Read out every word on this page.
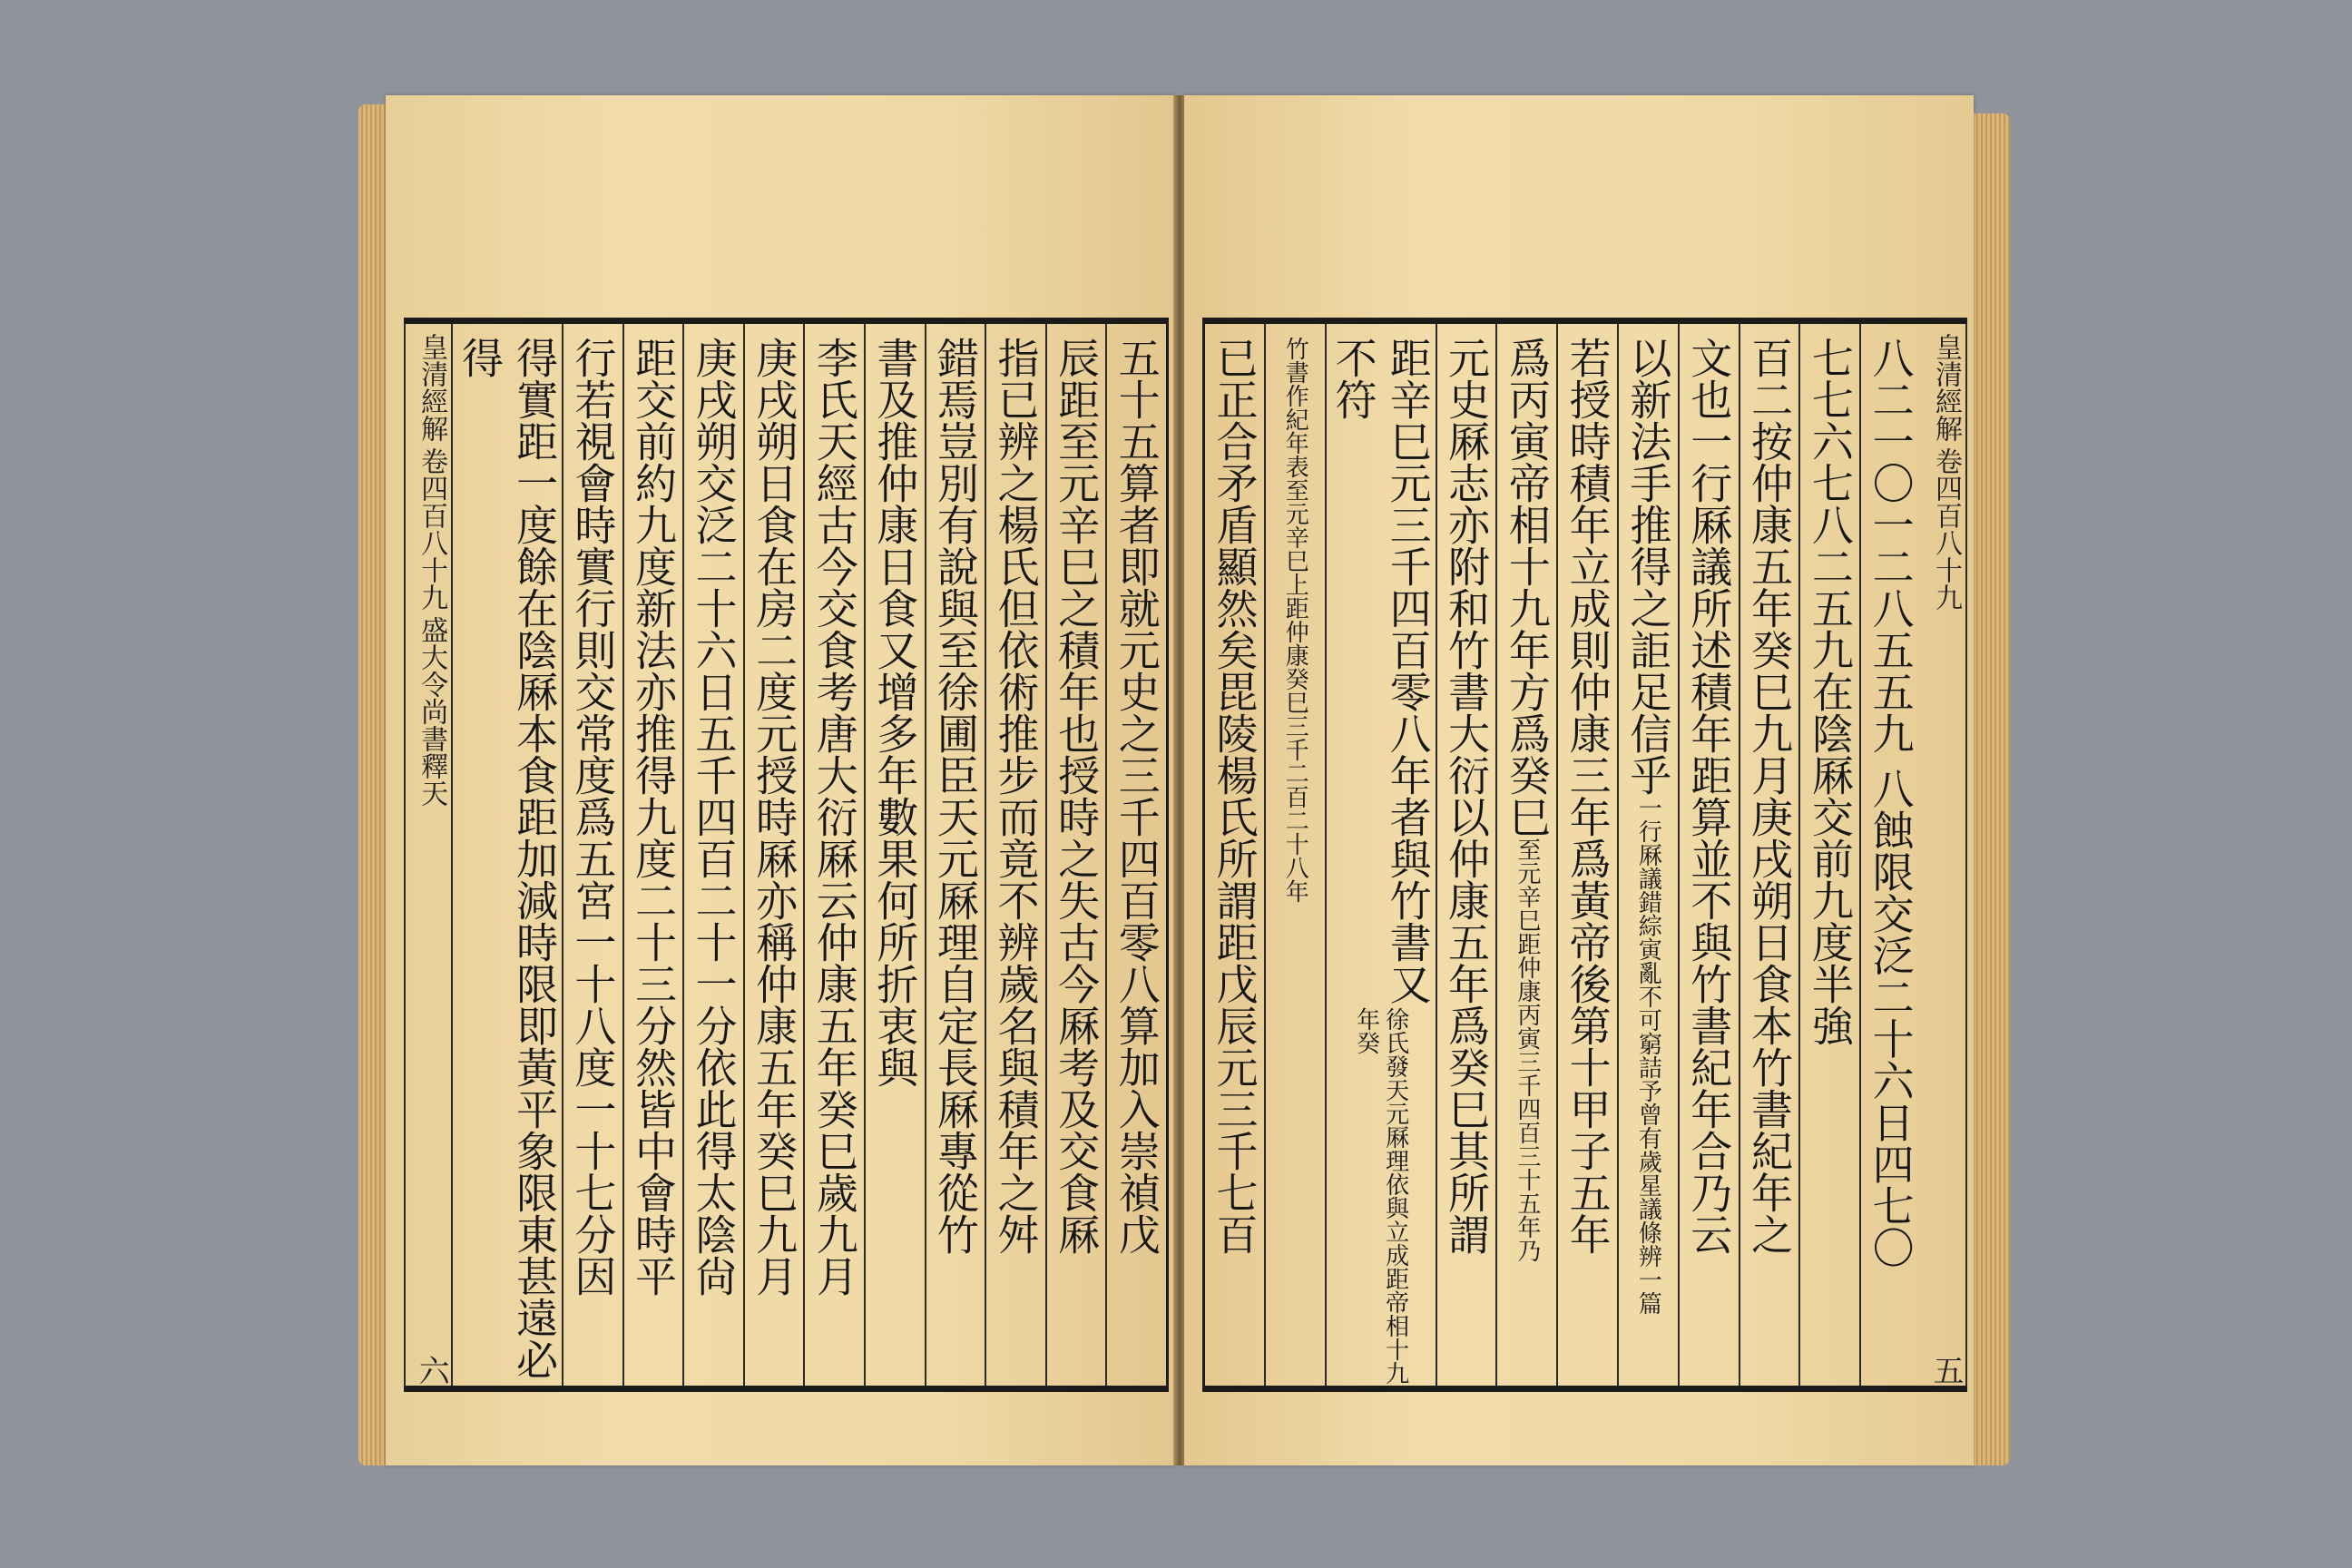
五十五算者即就元史之三千四百零八算加入崇禎戊
辰距至元辛巳之積年也授時之失古今厤考及交食厤
指已辨之楊氏但依術推步而竟不辨歲名與積年之舛
錯焉豈別有說與至徐圃臣天元厤理自定長厤專從竹
書及推仲康日食又增多年數果何所折衷與
李氏天經古今交食考唐大衍厤云仲康五年癸巳歲九月
庚戌朔日食在房二度元授時厤亦稱仲康五年癸巳九月
庚戌朔交泛二十六日五千四百二十一分依此得太陰尙
距交前約九度新法亦推得九度二十三分然皆中會時平
行若視會時實行則交常度爲五宮一十八度一十七分因
得實距一度餘在陰厤本食距加減時限即黃平象限東甚遠必得
皇清經解
卷四百八十九
盛大令尚書釋天
六
皇清經解
卷四百八十九
五
八二一〇一二八五五九 八蝕限交泛二十六日四七〇
七七六七八二五九在陰厤交前九度半強
百二按仲康五年癸巳九月庚戌朔日食本竹書紀年之
文也一行厤議所述積年距算並不與竹書紀年合乃云
以新法手推得之詎足信乎
一行厤議錯綜寅亂不可窮詰予曾有歲星議條辨一篇
若授時積年立成則仲康三年爲黃帝後第十甲子五年
爲丙寅帝相十九年方爲癸巳
至元辛巳距仲康丙寅三千四百三十五年乃
元史厤志亦附和竹書大衍以仲康五年爲癸巳其所謂
距辛巳元三千四百零八年者與竹書又不符
徐氏發天元厤理依與立成距帝相十九年癸
竹書作紀年表至元辛巳上距仲康癸巳三千二百二十八年
已正合矛盾顯然矣毘陵楊氏所謂距戊辰元三千七百
